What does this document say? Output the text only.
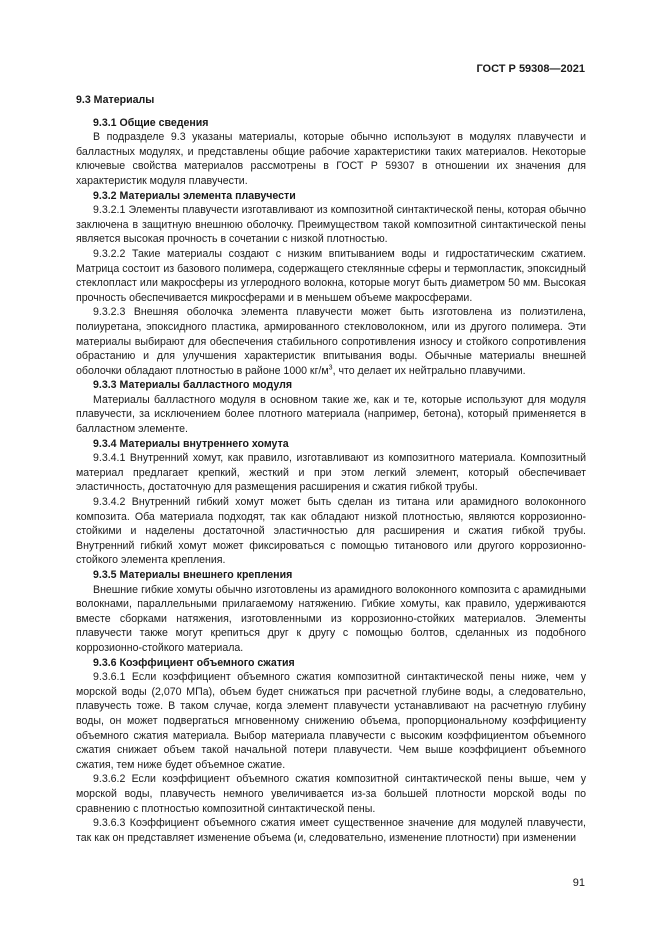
ГОСТ Р 59308—2021
9.3 Материалы

9.3.1 Общие сведения

В подразделе 9.3 указаны материалы, которые обычно используют в модулях плавучести и балластных модулях, и представлены общие рабочие характеристики таких материалов. Некоторые ключевые свойства материалов рассмотрены в ГОСТ Р 59307 в отношении их значения для характеристик модуля плавучести.

9.3.2 Материалы элемента плавучести

9.3.2.1 Элементы плавучести изготавливают из композитной синтактической пены, которая обычно заключена в защитную внешнюю оболочку. Преимуществом такой композитной синтактической пены является высокая прочность в сочетании с низкой плотностью.

9.3.2.2 Такие материалы создают с низким впитыванием воды и гидростатическим сжатием. Матрица состоит из базового полимера, содержащего стеклянные сферы и термопластик, эпоксидный стеклопласт или макросферы из углеродного волокна, которые могут быть диаметром 50 мм. Высокая прочность обеспечивается микросферами и в меньшем объеме макросферами.

9.3.2.3 Внешняя оболочка элемента плавучести может быть изготовлена из полиэтилена, полиуретана, эпоксидного пластика, армированного стекловолокном, или из другого полимера. Эти материалы выбирают для обеспечения стабильного сопротивления износу и стойкого сопротивления обрастанию и для улучшения характеристик впитывания воды. Обычные материалы внешней оболочки обладают плотностью в районе 1000 $кг/м^3$, что делает их нейтрально плавучими.

9.3.3 Материалы балластного модуля

Материалы балластного модуля в основном такие же, как и те, которые используют для модуля плавучести, за исключением более плотного материала (например, бетона), который применяется в балластном элементе.

9.3.4 Материалы внутреннего хомута

9.3.4.1 Внутренний хомут, как правило, изготавливают из композитного материала. Композитный материал предлагает крепкий, жесткий и при этом легкий элемент, который обеспечивает эластичность, достаточную для размещения расширения и сжатия гибкой трубы.

9.3.4.2 Внутренний гибкий хомут может быть сделан из титана или арамидного волоконного композита. Оба материала подходят, так как обладают низкой плотностью, являются коррозионно-стойкими и наделены достаточной эластичностью для расширения и сжатия гибкой трубы. Внутренний гибкий хомут может фиксироваться с помощью титанового или другого коррозионно-стойкого элемента крепления.

9.3.5 Материалы внешнего крепления

Внешние гибкие хомуты обычно изготовлены из арамидного волоконного композита с арамидными волокнами, параллельными прилагаемому натяжению. Гибкие хомуты, как правило, удерживаются вместе сборками натяжения, изготовленными из коррозионно-стойких материалов. Элементы плавучести также могут крепиться друг к другу с помощью болтов, сделанных из подобного коррозионно-стойкого материала.

9.3.6 Коэффициент объемного сжатия

9.3.6.1 Если коэффициент объемного сжатия композитной синтактической пены ниже, чем у морской воды (2,070 МПа), объем будет снижаться при расчетной глубине воды, а следовательно, плавучесть тоже. В таком случае, когда элемент плавучести устанавливают на расчетную глубину воды, он может подвергаться мгновенному снижению объема, пропорциональному коэффициенту объемного сжатия материала. Выбор материала плавучести с высоким коэффициентом объемного сжатия снижает объем такой начальной потери плавучести. Чем выше коэффициент объемного сжатия, тем ниже будет объемное сжатие.

9.3.6.2 Если коэффициент объемного сжатия композитной синтактической пены выше, чем у морской воды, плавучесть немного увеличивается из-за большей плотности морской воды по сравнению с плотностью композитной синтактической пены.

9.3.6.3 Коэффициент объемного сжатия имеет существенное значение для модулей плавучести, так как он представляет изменение объема (и, следовательно, изменение плотности) при изменении

91
